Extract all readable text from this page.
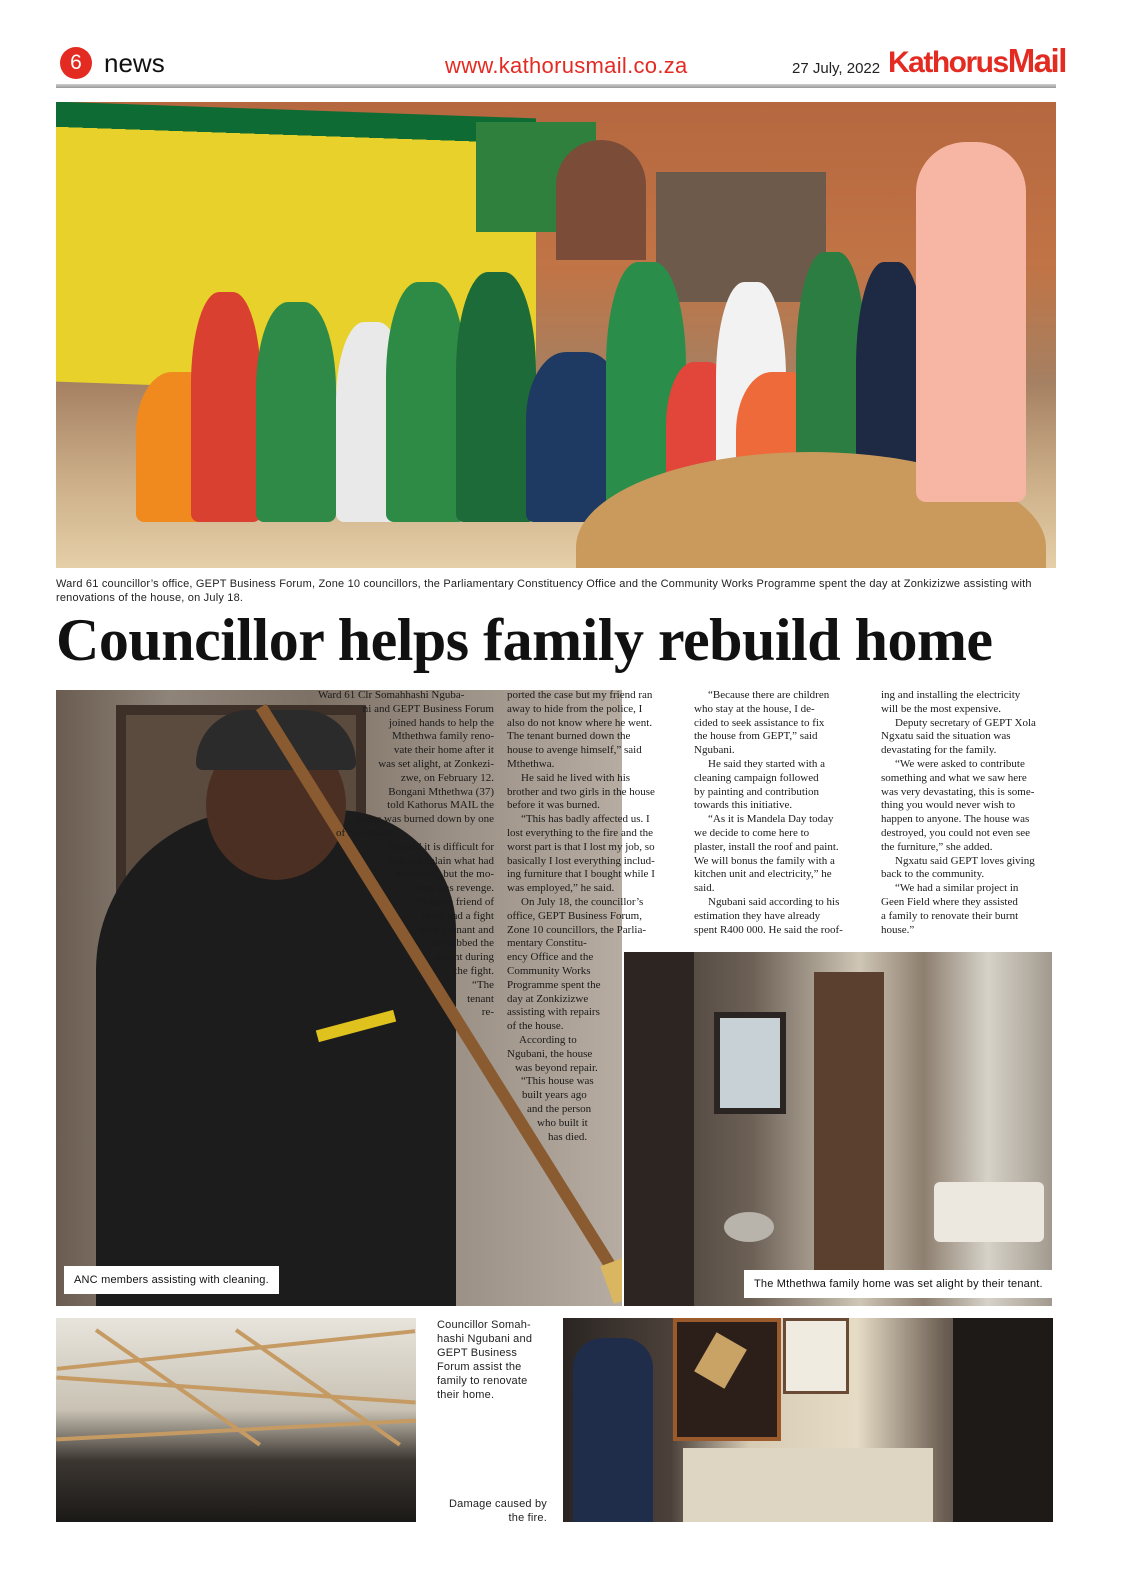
6 news	www.kathorusmail.co.za	27 July, 2022 KathorusMail
Ward 61 councillor’s office, GEPT Business Forum, Zone 10 councillors, the Parliamentary Constituency Office and the Community Works Programme spent the day at Zonkizizwe assisting with renovations of the house, on July 18.
Councillor helps family rebuild home
ANC members assisting with cleaning.	The Mthethwa family home was set alight by their tenant.
Councillor Somah-
hashi Ngubani and
GEPT Business
Forum assist the
family to renovate
their home.
Damage caused by
the fire.
Ward 61 Clr Somahhashi Nguba-
ni and GEPT Business Forum
joined hands to help the
Mthethwa family reno-
vate their home after it
was set alight, at Zonkezi-
zwe, on February 12.
Bongani Mthethwa (37)
told Kathorus MAIL the
house was burned down by one
of his tenants.
He said it is difficult for
him to explain what had
happened, but the mo-
tive was revenge.
“A close friend of
mine had a fight
with a tenant and
he stabbed the
tenant during
the fight.
“The
tenant
re-
ported the case but my friend ran
away to hide from the police, I
also do not know where he went.
The tenant burned down the
house to avenge himself,” said
Mthethwa.
He said he lived with his
brother and two girls in the house
before it was burned.
“This has badly affected us. I
lost everything to the fire and the
worst part is that I lost my job, so
basically I lost everything includ-
ing furniture that I bought while I
was employed,” he said.
On July 18, the councillor’s
office, GEPT Business Forum,
Zone 10 councillors, the Parlia-
mentary Constitu-
ency Office and the
Community Works
Programme spent the
day at Zonkizizwe
assisting with repairs
of the house.
According to
Ngubani, the house
was beyond repair.
“This house was
built years ago
and the person
who built it
has died.
“Because there are children
who stay at the house, I de-
cided to seek assistance to fix
the house from GEPT,” said
Ngubani.
He said they started with a
cleaning campaign followed
by painting and contribution
towards this initiative.
“As it is Mandela Day today
we decide to come here to
plaster, install the roof and paint.
We will bonus the family with a
kitchen unit and electricity,” he
said.
Ngubani said according to his
estimation they have already
spent R400 000. He said the roof-
ing and installing the electricity
will be the most expensive.
Deputy secretary of GEPT Xola
Ngxatu said the situation was
devastating for the family.
“We were asked to contribute
something and what we saw here
was very devastating, this is some-
thing you would never wish to
happen to anyone. The house was
destroyed, you could not even see
the furniture,” she added.
Ngxatu said GEPT loves giving
back to the community.
“We had a similar project in
Geen Field where they assisted
a family to renovate their burnt
house.”
